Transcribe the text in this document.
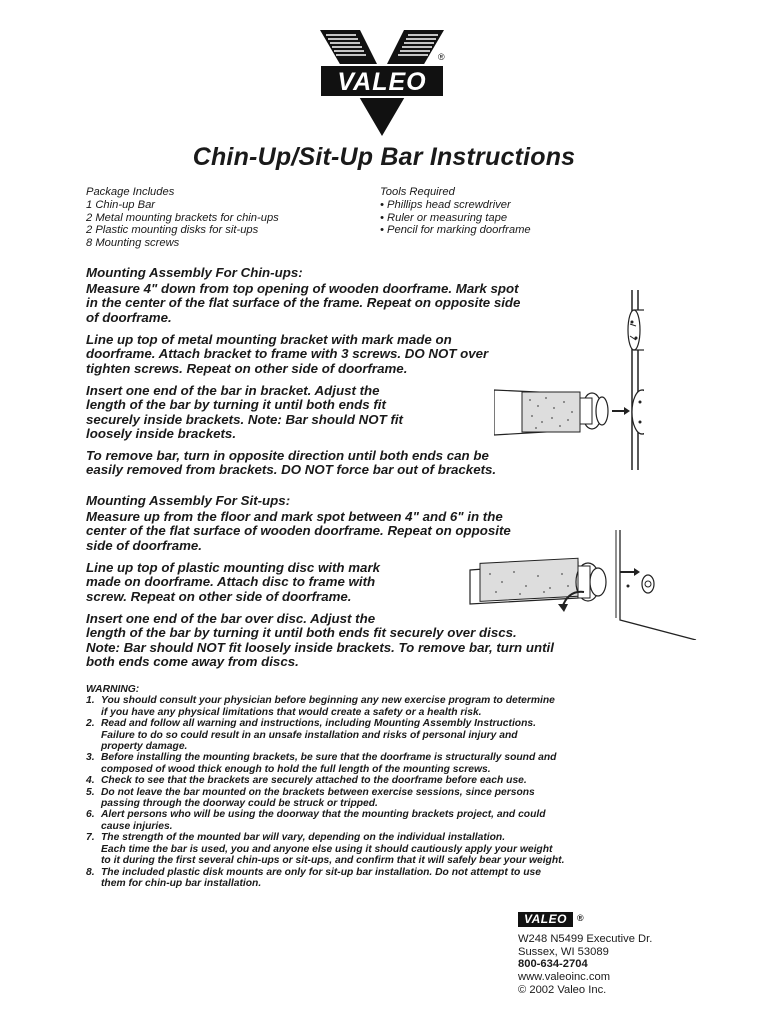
VALEO
®
Chin-Up/Sit-Up Bar Instructions
Package Includes
1 Chin-up Bar
2 Metal mounting brackets for chin-ups
2 Plastic mounting disks for sit-ups
8 Mounting screws
Tools Required
• Phillips head screwdriver
• Ruler or measuring tape
• Pencil for marking doorframe
Mounting Assembly For Chin-ups:
Measure 4" down from top opening of wooden doorframe. Mark spot
in the center of the flat surface of the frame. Repeat on opposite side
of doorframe.
Line up top of metal mounting bracket with mark made on
doorframe. Attach bracket to frame with 3 screws. DO NOT over
tighten screws. Repeat on other side of doorframe.
Insert one end of the bar in bracket. Adjust the
length of the bar by turning it until both ends fit
securely inside brackets. Note: Bar should NOT fit
loosely inside brackets.
To remove bar, turn in opposite direction until both ends can be
easily removed from brackets. DO NOT force bar out of brackets.
Mounting Assembly For Sit-ups:
Measure up from the floor and mark spot between 4" and 6" in the
center of the flat surface of wooden doorframe. Repeat on opposite
side of doorframe.
Line up top of plastic mounting disc with mark
made on doorframe. Attach disc to frame with
screw. Repeat on other side of doorframe.
Insert one end of the bar over disc. Adjust the
length of the bar by turning it until both ends fit securely over discs.
Note: Bar should NOT fit loosely inside brackets. To remove bar, turn until
both ends come away from discs.
WARNING:
1. You should consult your physician before beginning any new exercise program to determine
if you have any physical limitations that would create a safety or a health risk.
2. Read and follow all warning and instructions, including Mounting Assembly Instructions.
Failure to do so could result in an unsafe installation and risks of personal injury and
property damage.
3. Before installing the mounting brackets, be sure that the doorframe is structurally sound and
composed of wood thick enough to hold the full length of the mounting screws.
4. Check to see that the brackets are securely attached to the doorframe before each use.
5. Do not leave the bar mounted on the brackets between exercise sessions, since persons
passing through the doorway could be struck or tripped.
6. Alert persons who will be using the doorway that the mounting brackets project, and could
cause injuries.
7. The strength of the mounted bar will vary, depending on the individual installation.
Each time the bar is used, you and anyone else using it should cautiously apply your weight
to it during the first several chin-ups or sit-ups, and confirm that it will safely bear your weight.
8. The included plastic disk mounts are only for sit-up bar installation. Do not attempt to use
them for chin-up bar installation.
VALEO ®
W248 N5499 Executive Dr.
Sussex, WI 53089
800-634-2704
www.valeoinc.com
© 2002 Valeo Inc.
